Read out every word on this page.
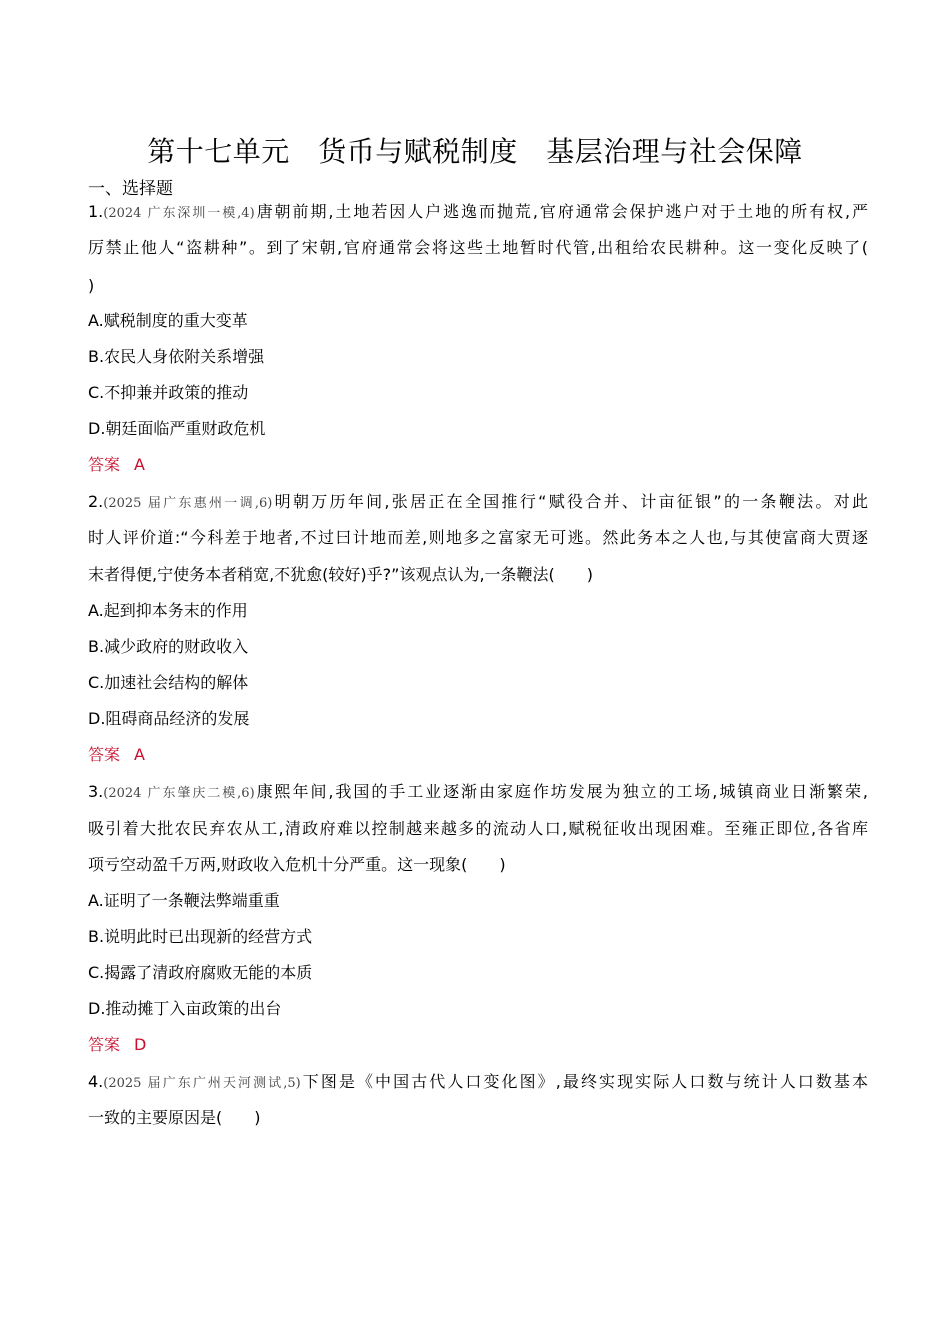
第十七单元　货币与赋税制度　基层治理与社会保障
一、选择题
1.(2024 广东深圳一模,4)唐朝前期,土地若因人户逃逸而抛荒,官府通常会保护逃户对于土地的所有权,严
厉禁止他人“盗耕种”。到了宋朝,官府通常会将这些土地暂时代管,出租给农民耕种。这一变化反映了(
)
A.赋税制度的重大变革
B.农民人身依附关系增强
C.不抑兼并政策的推动
D.朝廷面临严重财政危机
答案 A
2.(2025 届广东惠州一调,6)明朝万历年间,张居正在全国推行“赋役合并、计亩征银”的一条鞭法。对此
时人评价道:“今科差于地者,不过曰计地而差,则地多之富家无可逃。然此务本之人也,与其使富商大贾逐
末者得便,宁使务本者稍宽,不犹愈(较好)乎?”该观点认为,一条鞭法(　　)
A.起到抑本务末的作用
B.减少政府的财政收入
C.加速社会结构的解体
D.阻碍商品经济的发展
答案 A
3.(2024 广东肇庆二模,6)康熙年间,我国的手工业逐渐由家庭作坊发展为独立的工场,城镇商业日渐繁荣,
吸引着大批农民弃农从工,清政府难以控制越来越多的流动人口,赋税征收出现困难。至雍正即位,各省库
项亏空动盈千万两,财政收入危机十分严重。这一现象(　　)
A.证明了一条鞭法弊端重重
B.说明此时已出现新的经营方式
C.揭露了清政府腐败无能的本质
D.推动摊丁入亩政策的出台
答案 D
4.(2025 届广东广州天河测试,5)下图是《中国古代人口变化图》,最终实现实际人口数与统计人口数基本
一致的主要原因是(　　)
